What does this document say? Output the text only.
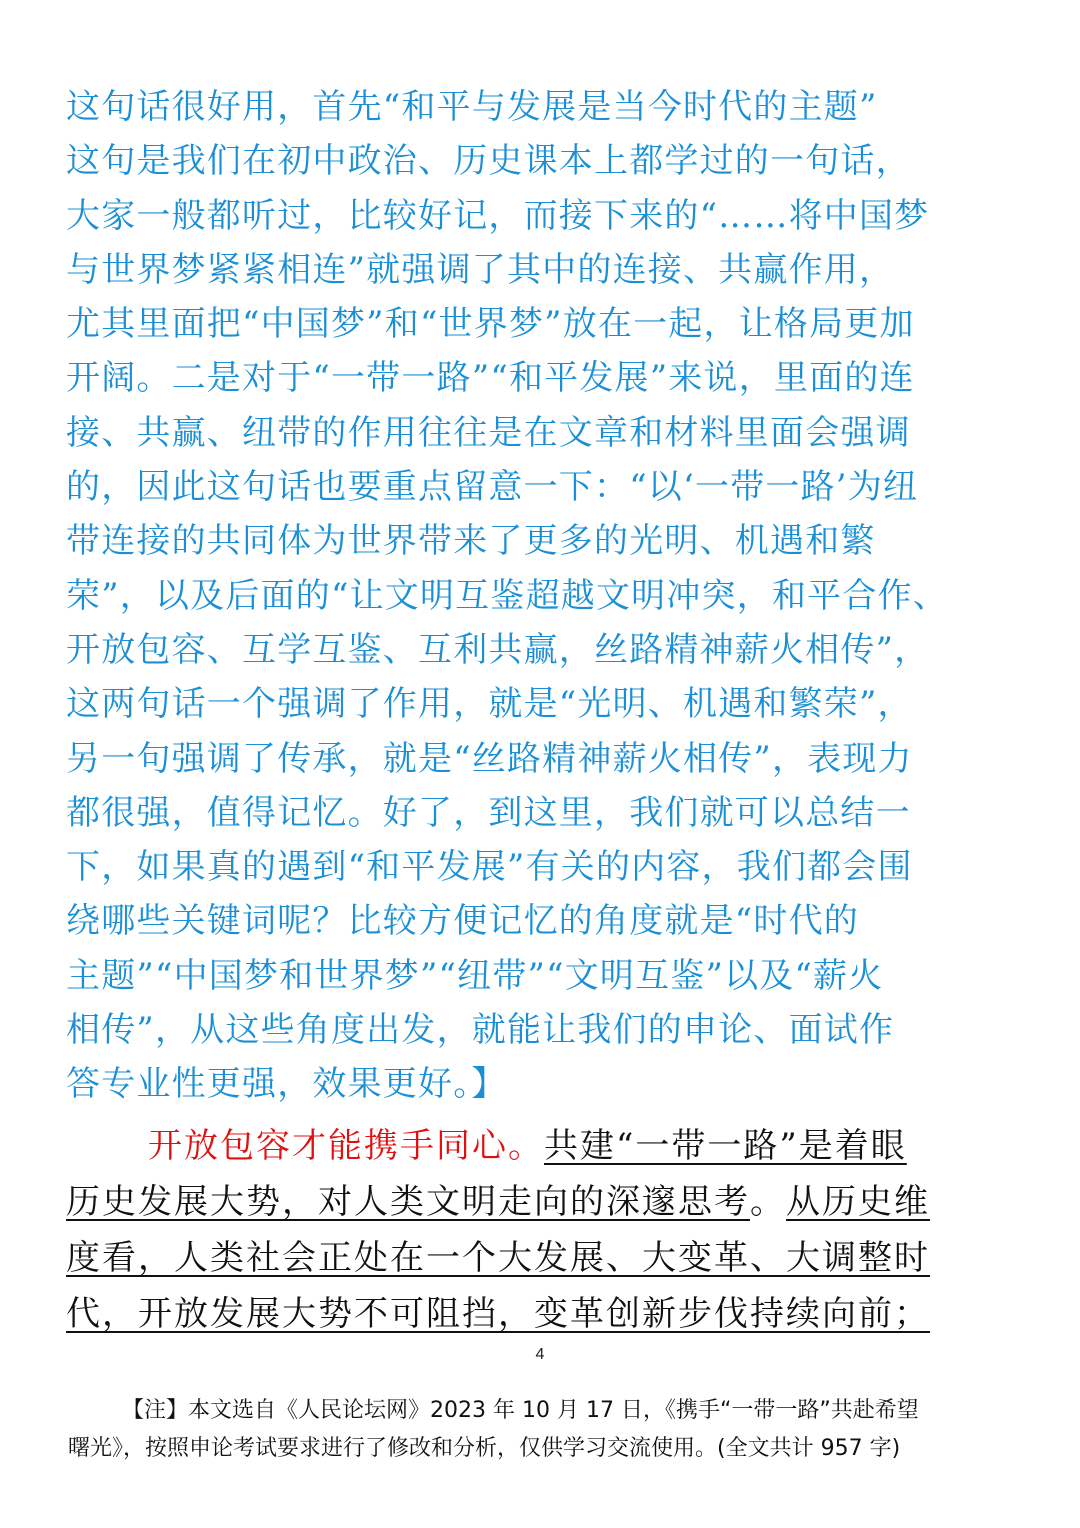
这句话很好用，首先“和平与发展是当今时代的主题”
这句是我们在初中政治、历史课本上都学过的一句话，
大家一般都听过，比较好记，而接下来的“……将中国梦
与世界梦紧紧相连”就强调了其中的连接、共赢作用，
尤其里面把“中国梦”和“世界梦”放在一起，让格局更加
开阔。二是对于“一带一路”“和平发展”来说，里面的连
接、共赢、纽带的作用往往是在文章和材料里面会强调
的，因此这句话也要重点留意一下：“以‘一带一路’为纽
带连接的共同体为世界带来了更多的光明、机遇和繁
荣”，以及后面的“让文明互鉴超越文明冲突，和平合作、
开放包容、互学互鉴、互利共赢，丝路精神薪火相传”，
这两句话一个强调了作用，就是“光明、机遇和繁荣”，
另一句强调了传承，就是“丝路精神薪火相传”，表现力
都很强，值得记忆。好了，到这里，我们就可以总结一
下，如果真的遇到“和平发展”有关的内容，我们都会围
绕哪些关键词呢？比较方便记忆的角度就是“时代的
主题”“中国梦和世界梦”“纽带”“文明互鉴”以及“薪火
相传”，从这些角度出发，就能让我们的申论、面试作
答专业性更强，效果更好。】
开放包容才能携手同心。共建“一带一路”是着眼
历史发展大势，对人类文明走向的深邃思考。从历史维
度看，人类社会正处在一个大发展、大变革、大调整时
代，开放发展大势不可阻挡，变革创新步伐持续向前；
4
【注】本文选自《人民论坛网》2023 年 10 月 17 日，《携手“一带一路”共赴希望
曙光》，按照申论考试要求进行了修改和分析，仅供学习交流使用。(全文共计 957 字)
